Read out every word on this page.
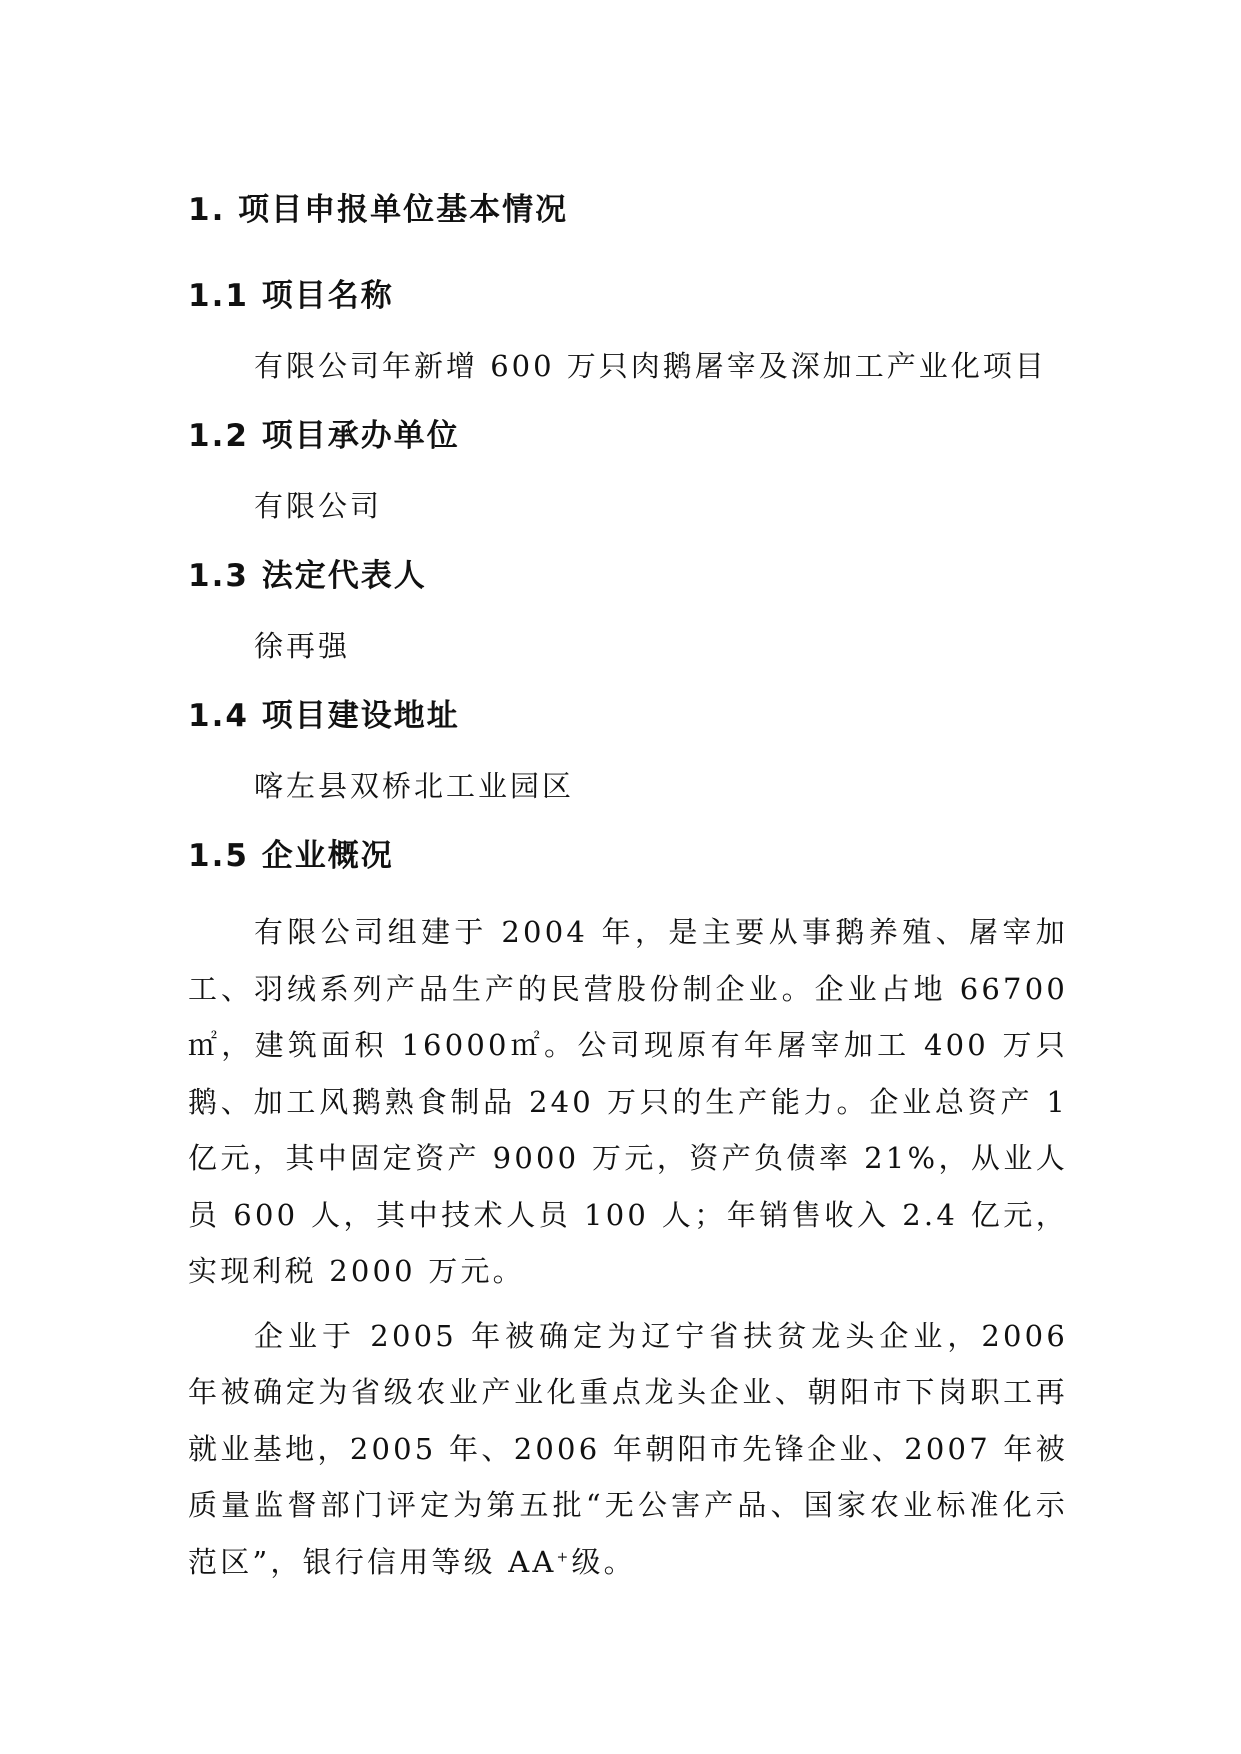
1. 项目申报单位基本情况
1.1 项目名称
有限公司年新增 600 万只肉鹅屠宰及深加工产业化项目
1.2 项目承办单位
有限公司
1.3 法定代表人
徐再强
1.4 项目建设地址
喀左县双桥北工业园区
1.5 企业概况

有限公司组建于 2004 年，是主要从事鹅养殖、屠宰加工、羽绒系列产品生产的民营股份制企业。企业占地 66700㎡，建筑面积 16000㎡。公司现原有年屠宰加工 400 万只鹅、加工风鹅熟食制品 240 万只的生产能力。企业总资产 1 亿元，其中固定资产 9000 万元，资产负债率 21%，从业人员 600 人，其中技术人员 100 人；年销售收入 2.4 亿元，实现利税 2000 万元。

企业于 2005 年被确定为辽宁省扶贫龙头企业，2006 年被确定为省级农业产业化重点龙头企业、朝阳市下岗职工再就业基地，2005 年、2006 年朝阳市先锋企业、2007 年被质量监督部门评定为第五批“无公害产品、国家农业标准化示范区”，银行信用等级 AA+级。
